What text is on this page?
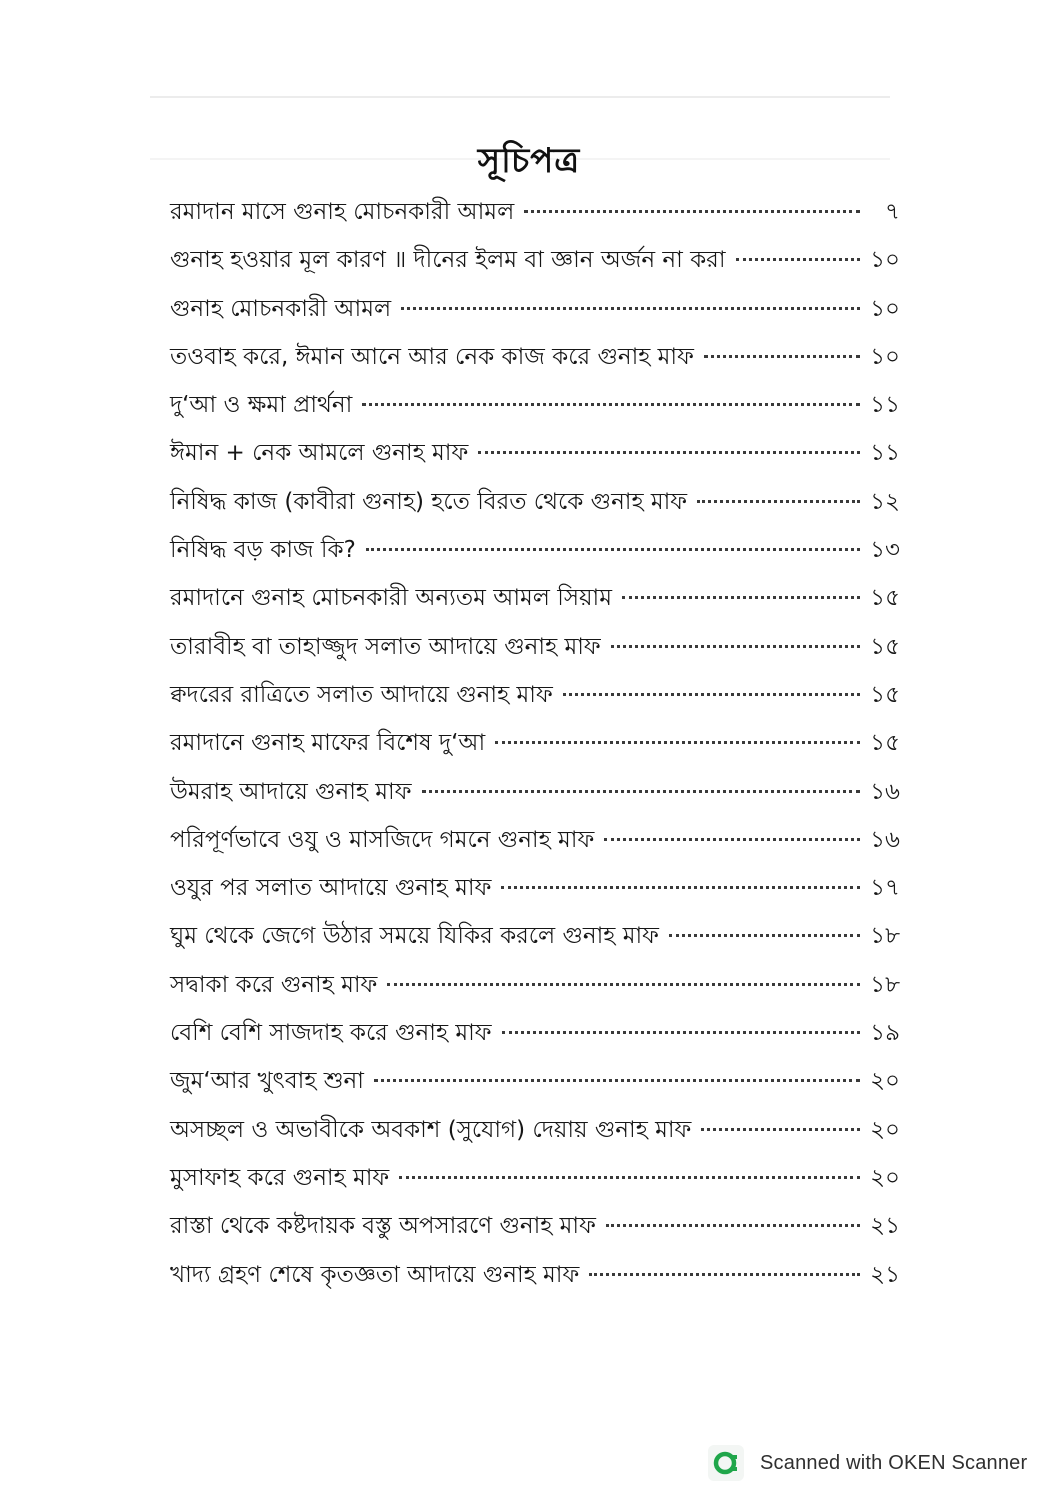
সূচিপত্র
রমাদান মাসে গুনাহ মোচনকারী আমল	৭
গুনাহ হওয়ার মূল কারণ ॥ দীনের ইলম বা জ্ঞান অর্জন না করা	১০
গুনাহ মোচনকারী আমল	১০
তওবাহ করে, ঈমান আনে আর নেক কাজ করে গুনাহ মাফ	১০
দু‘আ ও ক্ষমা প্রার্থনা	১১
ঈমান + নেক আমলে গুনাহ মাফ	১১
নিষিদ্ধ কাজ (কাবীরা গুনাহ) হতে বিরত থেকে গুনাহ মাফ	১২
নিষিদ্ধ বড় কাজ কি?	১৩
রমাদানে গুনাহ মোচনকারী অন্যতম আমল সিয়াম	১৫
তারাবীহ বা তাহাজ্জুদ সলাত আদায়ে গুনাহ মাফ	১৫
ক্বদরের রাত্রিতে সলাত আদায়ে গুনাহ মাফ	১৫
রমাদানে গুনাহ মাফের বিশেষ দু‘আ	১৫
উমরাহ আদায়ে গুনাহ মাফ	১৬
পরিপূর্ণভাবে ওযু ও মাসজিদে গমনে গুনাহ মাফ	১৬
ওযুর পর সলাত আদায়ে গুনাহ মাফ	১৭
ঘুম থেকে জেগে উঠার সময়ে যিকির করলে গুনাহ মাফ	১৮
সদ্বাকা করে গুনাহ মাফ	১৮
বেশি বেশি সাজদাহ করে গুনাহ মাফ	১৯
জুম‘আর খুৎবাহ শুনা	২০
অসচ্ছল ও অভাবীকে অবকাশ (সুযোগ) দেয়ায় গুনাহ মাফ	২০
মুসাফাহ করে গুনাহ মাফ	২০
রাস্তা থেকে কষ্টদায়ক বস্তু অপসারণে গুনাহ মাফ	২১
খাদ্য গ্রহণ শেষে কৃতজ্ঞতা আদায়ে গুনাহ মাফ	২১
Scanned with OKEN Scanner
